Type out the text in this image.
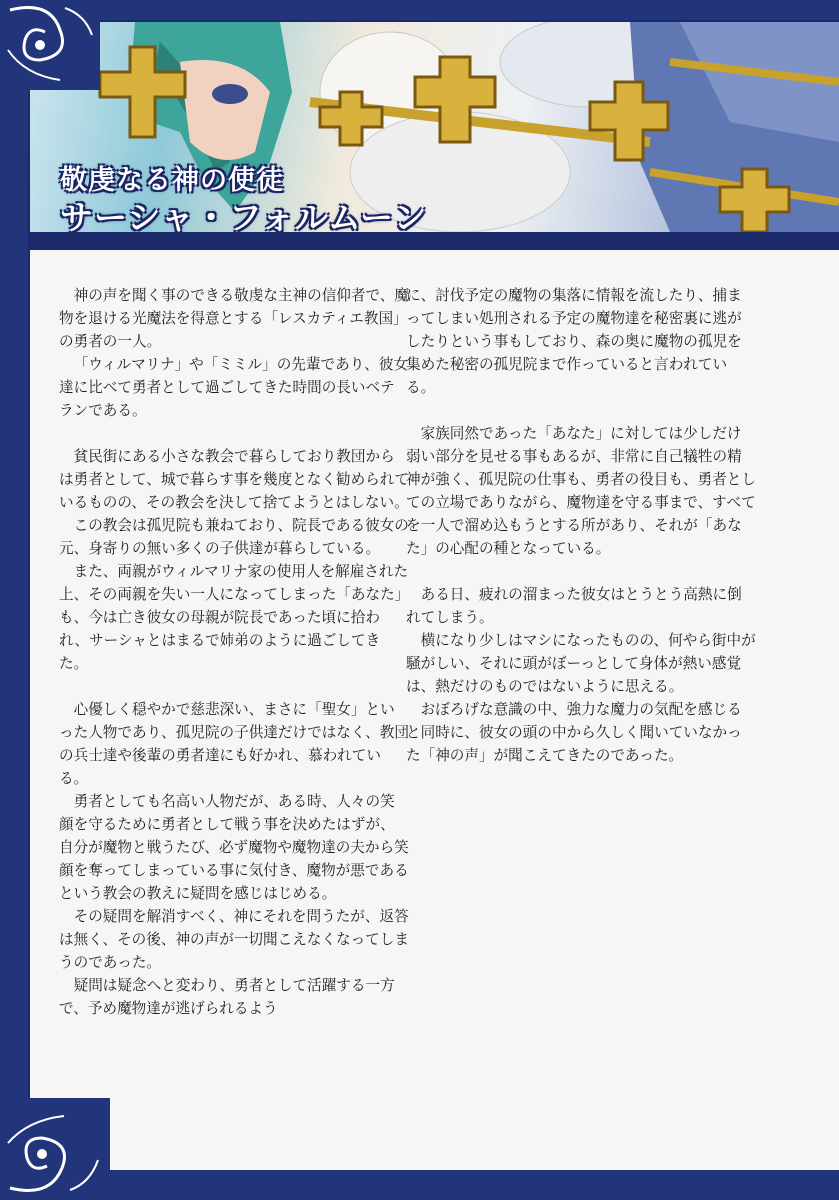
敬虔なる神の使徒
サーシャ・フォルムーン

神の声を聞く事のできる敬虔な主神の信仰者で、魔物を退ける光魔法を得意とする「レスカティエ教国」の勇者の一人。

「ウィルマリナ」や「ミミル」の先輩であり、彼女達に比べて勇者として過ごしてきた時間の長いベテランである。

貧民街にある小さな教会で暮らしており教団からは勇者として、城で暮らす事を幾度となく勧められているものの、その教会を決して捨てようとはしない。

この教会は孤児院も兼ねており、院長である彼女の元、身寄りの無い多くの子供達が暮らしている。

また、両親がウィルマリナ家の使用人を解雇された上、その両親を失い一人になってしまった「あなた」も、今は亡き彼女の母親が院長であった頃に拾われ、サーシャとはまるで姉弟のように過ごしてきた。

心優しく穏やかで慈悲深い、まさに「聖女」といった人物であり、孤児院の子供達だけではなく、教団の兵士達や後輩の勇者達にも好かれ、慕われている。

勇者としても名高い人物だが、ある時、人々の笑顔を守るために勇者として戦う事を決めたはずが、自分が魔物と戦うたび、必ず魔物や魔物達の夫から笑顔を奪ってしまっている事に気付き、魔物が悪であるという教会の教えに疑問を感じはじめる。

その疑問を解消すべく、神にそれを問うたが、返答は無く、その後、神の声が一切聞こえなくなってしまうのであった。

疑問は疑念へと変わり、勇者として活躍する一方で、予め魔物達が逃げられるよう

に、討伐予定の魔物の集落に情報を流したり、捕まってしまい処刑される予定の魔物達を秘密裏に逃がしたりという事もしており、森の奥に魔物の孤児を集めた秘密の孤児院まで作っていると言われている。

家族同然であった「あなた」に対しては少しだけ弱い部分を見せる事もあるが、非常に自己犠牲の精神が強く、孤児院の仕事も、勇者の役目も、勇者としての立場でありながら、魔物達を守る事まで、すべてを一人で溜め込もうとする所があり、それが「あなた」の心配の種となっている。

ある日、疲れの溜まった彼女はとうとう高熱に倒れてしまう。

横になり少しはマシになったものの、何やら街中が騒がしい、それに頭がぼーっとして身体が熱い感覚は、熱だけのものではないように思える。

おぼろげな意識の中、強力な魔力の気配を感じると同時に、彼女の頭の中から久しく聞いていなかった「神の声」が聞こえてきたのであった。
